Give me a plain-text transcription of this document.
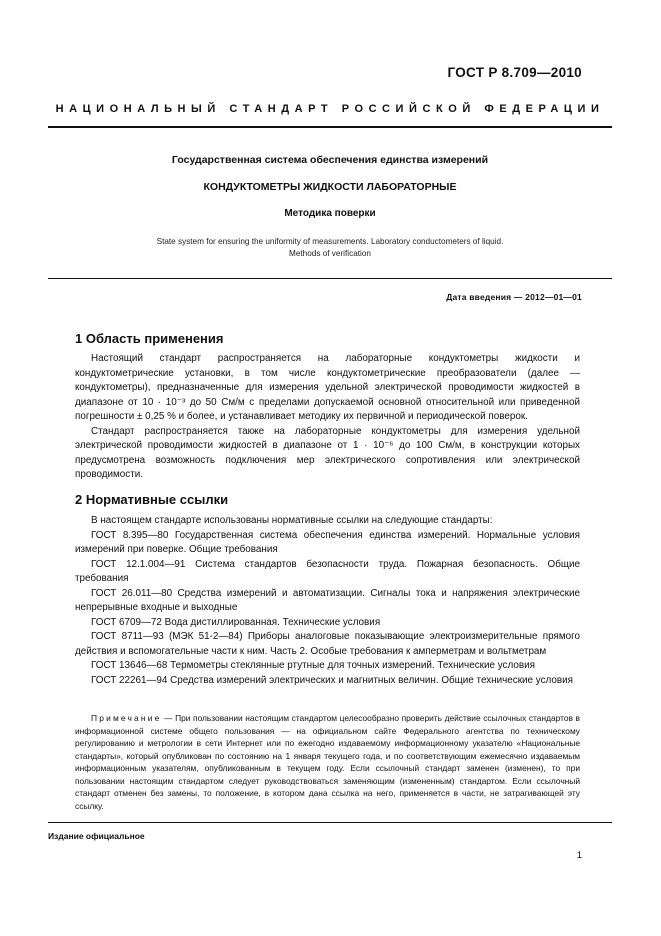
ГОСТ Р 8.709—2010
НАЦИОНАЛЬНЫЙ СТАНДАРТ РОССИЙСКОЙ ФЕДЕРАЦИИ
Государственная система обеспечения единства измерений
КОНДУКТОМЕТРЫ ЖИДКОСТИ ЛАБОРАТОРНЫЕ
Методика поверки
State system for ensuring the uniformity of measurements. Laboratory conductometers of liquid.
Methods of verification
Дата введения — 2012—01—01
1 Область применения

Настоящий стандарт распространяется на лабораторные кондуктометры жидкости и кондуктометрические установки, в том числе кондуктометрические преобразователи (далее — кондуктометры), предназначенные для измерения удельной электрической проводимости жидкостей в диапазоне от 10 · 10⁻³ до 50 См/м с пределами допускаемой основной относительной или приведенной погрешности ± 0,25 % и более, и устанавливает методику их первичной и периодической поверок.

Стандарт распространяется также на лабораторные кондуктометры для измерения удельной электрической проводимости жидкостей в диапазоне от 1 · 10⁻⁶ до 100 См/м, в конструкции которых предусмотрена возможность подключения мер электрического сопротивления или электрической проводимости.

2 Нормативные ссылки

В настоящем стандарте использованы нормативные ссылки на следующие стандарты:

ГОСТ 8.395—80 Государственная система обеспечения единства измерений. Нормальные условия измерений при поверке. Общие требования

ГОСТ 12.1.004—91 Система стандартов безопасности труда. Пожарная безопасность. Общие требования

ГОСТ 26.011—80 Средства измерений и автоматизации. Сигналы тока и напряжения электрические непрерывные входные и выходные

ГОСТ 6709—72 Вода дистиллированная. Технические условия

ГОСТ 8711—93 (МЭК 51-2—84) Приборы аналоговые показывающие электроизмерительные прямого действия и вспомогательные части к ним. Часть 2. Особые требования к амперметрам и вольтметрам

ГОСТ 13646—68 Термометры стеклянные ртутные для точных измерений. Технические условия

ГОСТ 22261—94 Средства измерений электрических и магнитных величин. Общие технические условия

Примечание — При пользовании настоящим стандартом целесообразно проверить действие ссылочных стандартов в информационной системе общего пользования — на официальном сайте Федерального агентства по техническому регулированию и метрологии в сети Интернет или по ежегодно издаваемому информационному указателю «Национальные стандарты», который опубликован по состоянию на 1 января текущего года, и по соответствующим ежемесячно издаваемым информационным указателям, опубликованным в текущем году. Если ссылочный стандарт заменен (изменен), то при пользовании настоящим стандартом следует руководствоваться заменяющим (измененным) стандартом. Если ссылочный стандарт отменен без замены, то положение, в котором дана ссылка на него, применяется в части, не затрагивающей эту ссылку.

Издание официальное
1
